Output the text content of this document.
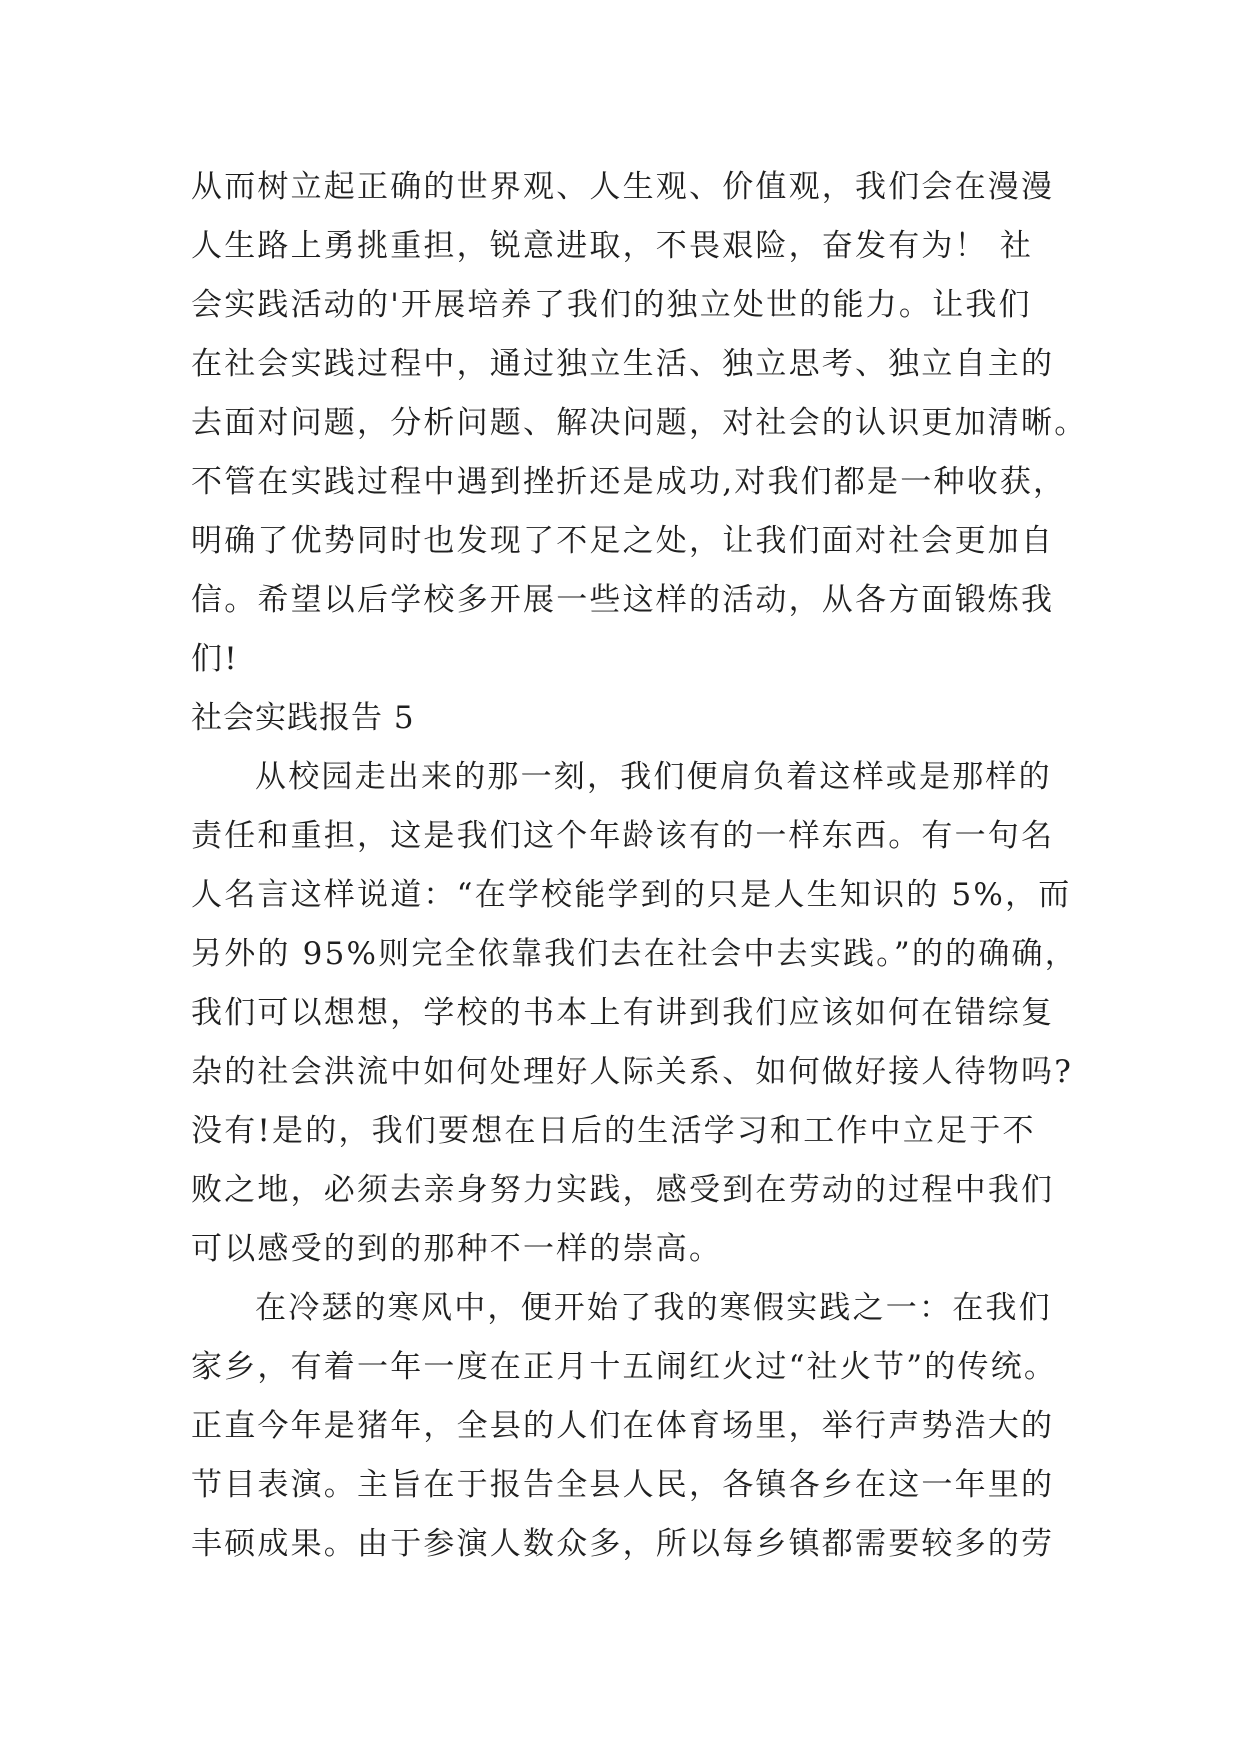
从而树立起正确的世界观、人生观、价值观，我们会在漫漫
人生路上勇挑重担，锐意进取，不畏艰险，奋发有为！ 社
会实践活动的'开展培养了我们的独立处世的能力。让我们
在社会实践过程中，通过独立生活、独立思考、独立自主的
去面对问题，分析问题、解决问题，对社会的认识更加清晰。
不管在实践过程中遇到挫折还是成功,对我们都是一种收获，
明确了优势同时也发现了不足之处，让我们面对社会更加自
信。希望以后学校多开展一些这样的活动，从各方面锻炼我
们!
社会实践报告 5
从校园走出来的那一刻，我们便肩负着这样或是那样的
责任和重担，这是我们这个年龄该有的一样东西。有一句名
人名言这样说道：“在学校能学到的只是人生知识的 5%，而
另外的 95%则完全依靠我们去在社会中去实践。”的的确确，
我们可以想想，学校的书本上有讲到我们应该如何在错综复
杂的社会洪流中如何处理好人际关系、如何做好接人待物吗?
没有!是的，我们要想在日后的生活学习和工作中立足于不
败之地，必须去亲身努力实践，感受到在劳动的过程中我们
可以感受的到的那种不一样的崇高。
在冷瑟的寒风中，便开始了我的寒假实践之一：在我们
家乡，有着一年一度在正月十五闹红火过“社火节”的传统。
正直今年是猪年，全县的人们在体育场里，举行声势浩大的
节目表演。主旨在于报告全县人民，各镇各乡在这一年里的
丰硕成果。由于参演人数众多，所以每乡镇都需要较多的劳
